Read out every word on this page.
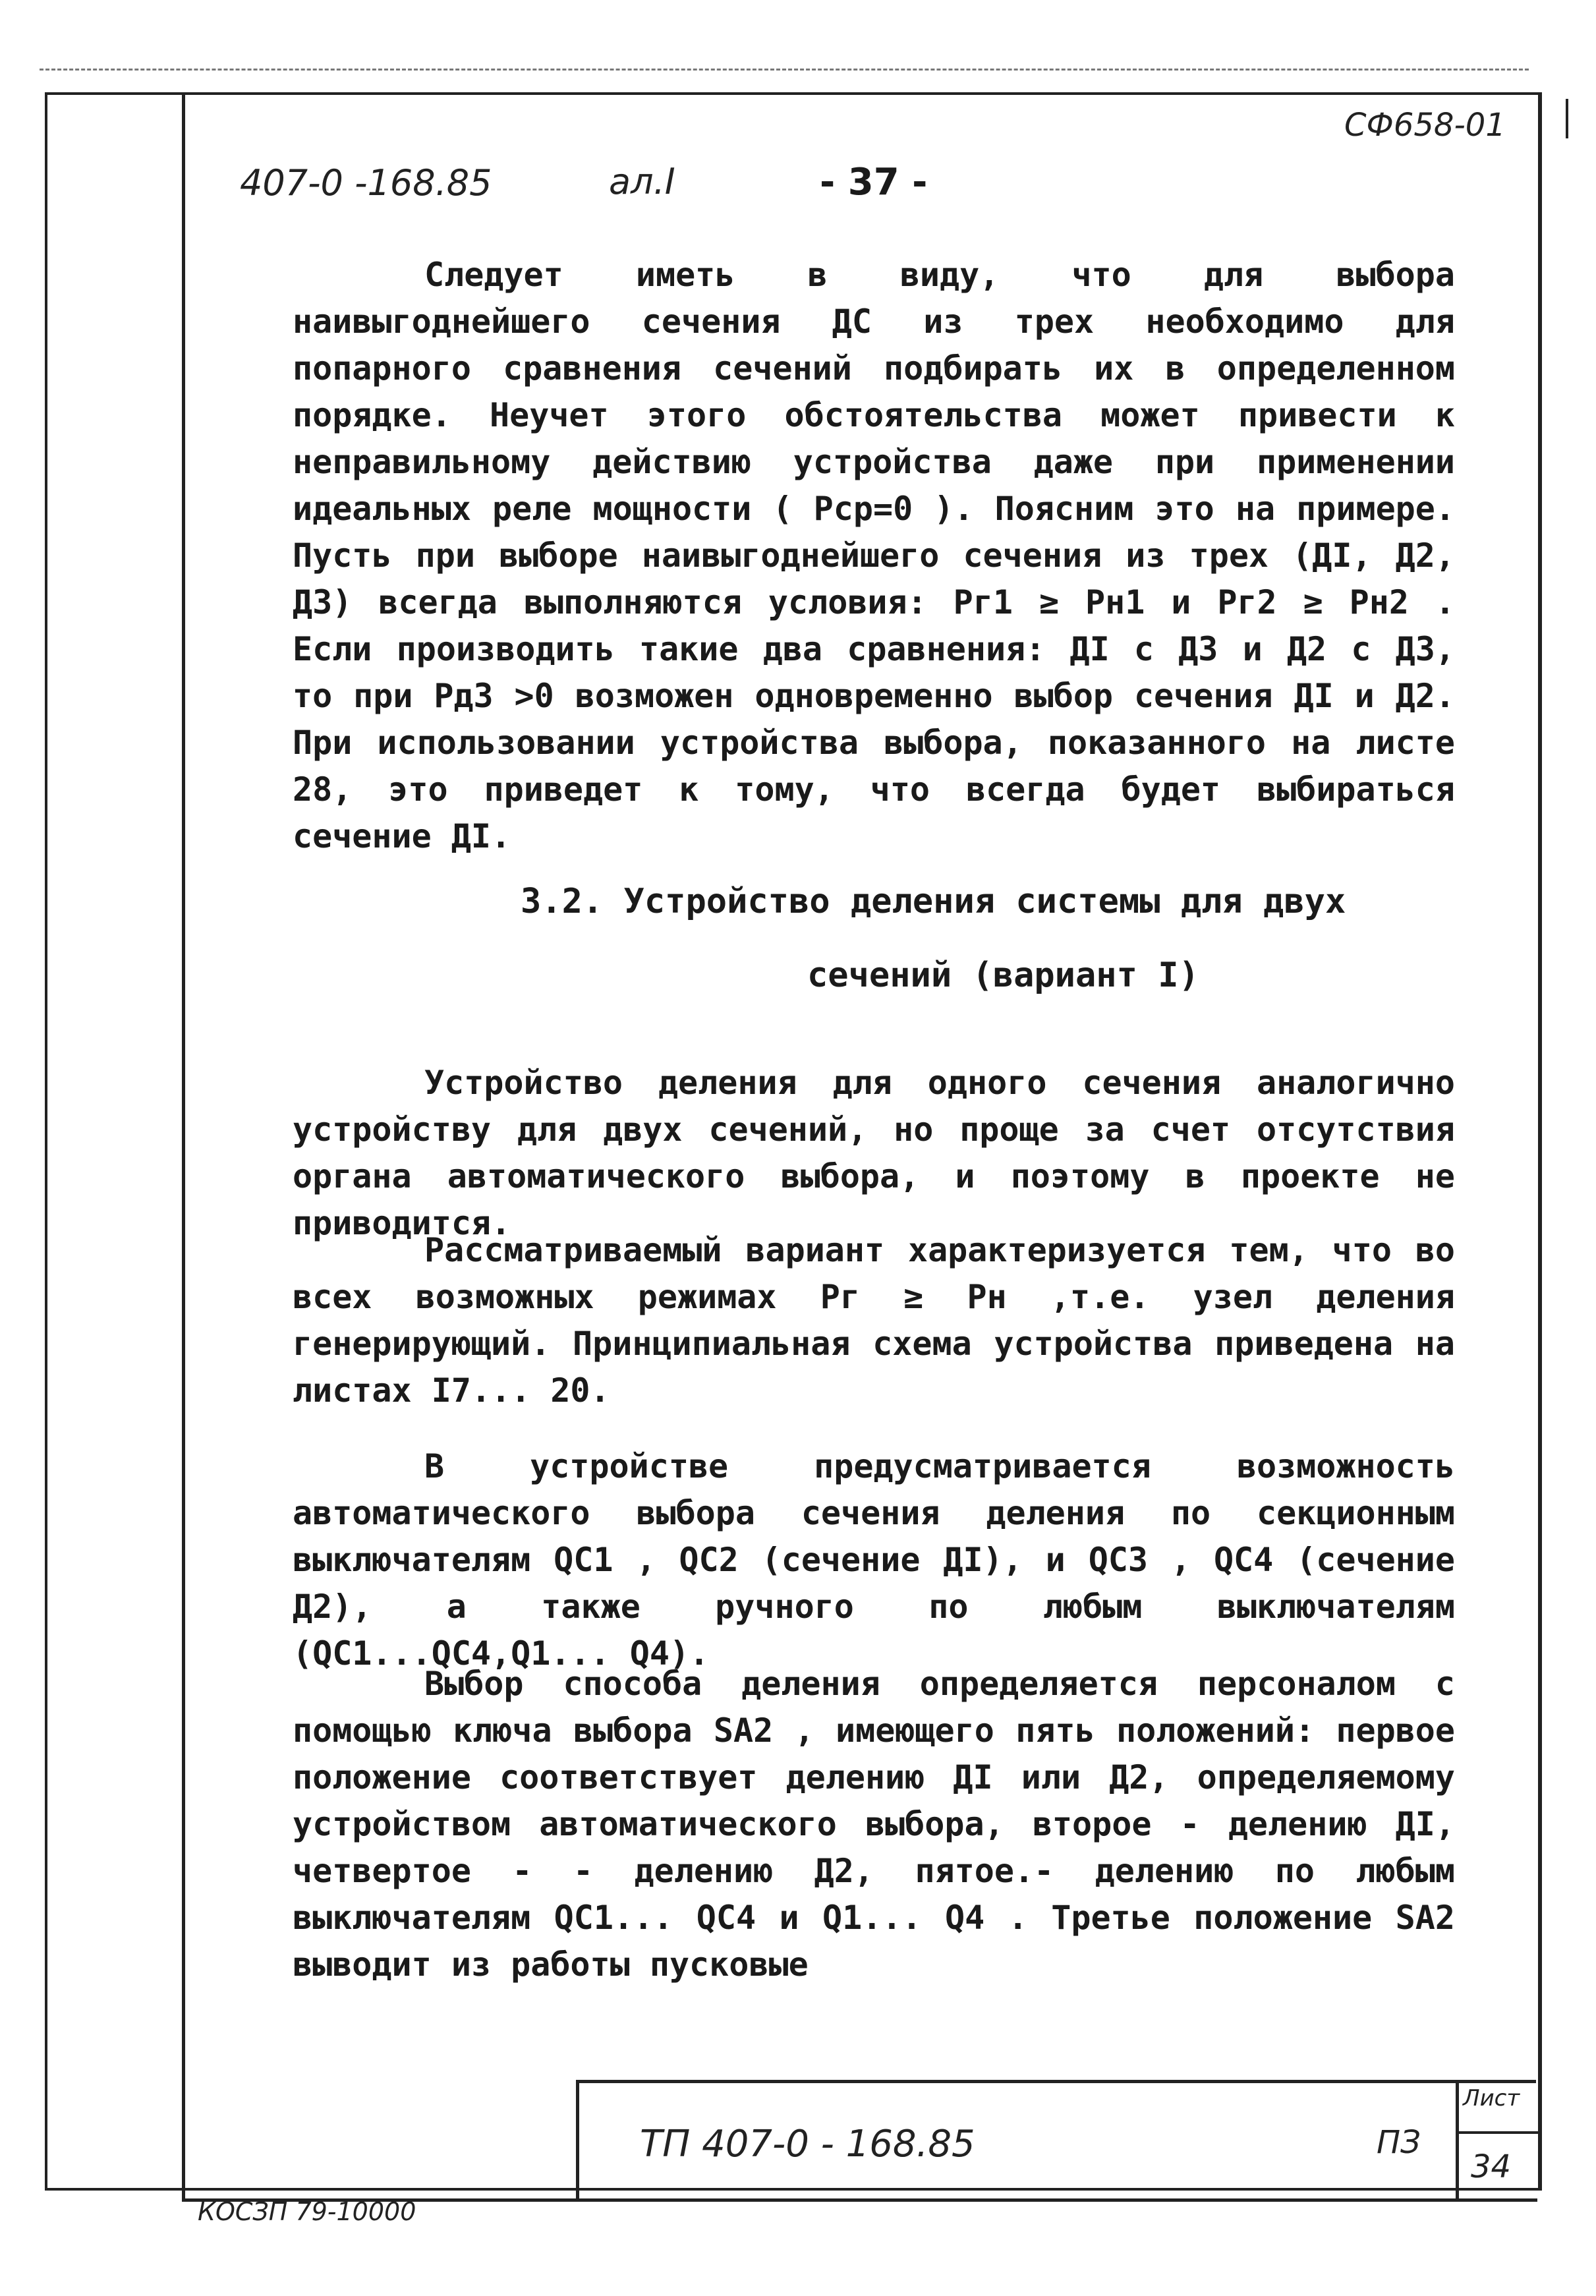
СФ658-01
407-0 -168.85	ал.I	- 37 -

Следует иметь в виду, что для выбора наивыгоднейшего сечения ДС из трех необходимо для попарного сравнения сечений подбирать их в определенном порядке. Неучет этого обстоятельства может привести к неправильному действию устройства даже при применении идеальных реле мощности ( Pср=0 ). Поясним это на примере. Пусть при выборе наивыгоднейшего сечения из трех (ДI, Д2, Д3) всегда выполняются условия: Pг1 ≥ Pн1 и Pг2 ≥ Pн2 . Если производить такие два сравнения: ДI с Д3 и Д2 с Д3, то при Pд3 >0 возможен одновременно выбор сечения ДI и Д2. При использовании устройства выбора, показанного на листе 28, это приведет к тому, что всегда будет выбираться сечение ДI.

3.2. Устройство деления системы для двух
сечений (вариант I)

Устройство деления для одного сечения аналогично устройству для двух сечений, но проще за счет отсутствия органа автоматического выбора, и поэтому в проекте не приводится.

Рассматриваемый вариант характеризуется тем, что во всех возможных режимах Pг ≥ Pн ,т.е. узел деления генерирующий. Принципиальная схема устройства приведена на листах I7... 20.

В устройстве предусматривается возможность автоматического выбора сечения деления по секционным выключателям QC1 , QC2 (сечение ДI), и QC3 , QC4 (сечение Д2), а также ручного по любым выключателям (QC1...QC4,Q1... Q4).

Выбор способа деления определяется персоналом с помощью ключа выбора SA2 , имеющего пять положений: первое положение соответствует делению ДI или Д2, определяемому устройством автоматического выбора, второе - делению ДI, четвертое - - делению Д2, пятое.- делению по любым выключателям QC1... QC4 и Q1... Q4 . Третье положение SA2 выводит из работы пусковые

ТП 407-0 - 168.85	ПЗ
Лист
34
КОСЗП 79-10000
